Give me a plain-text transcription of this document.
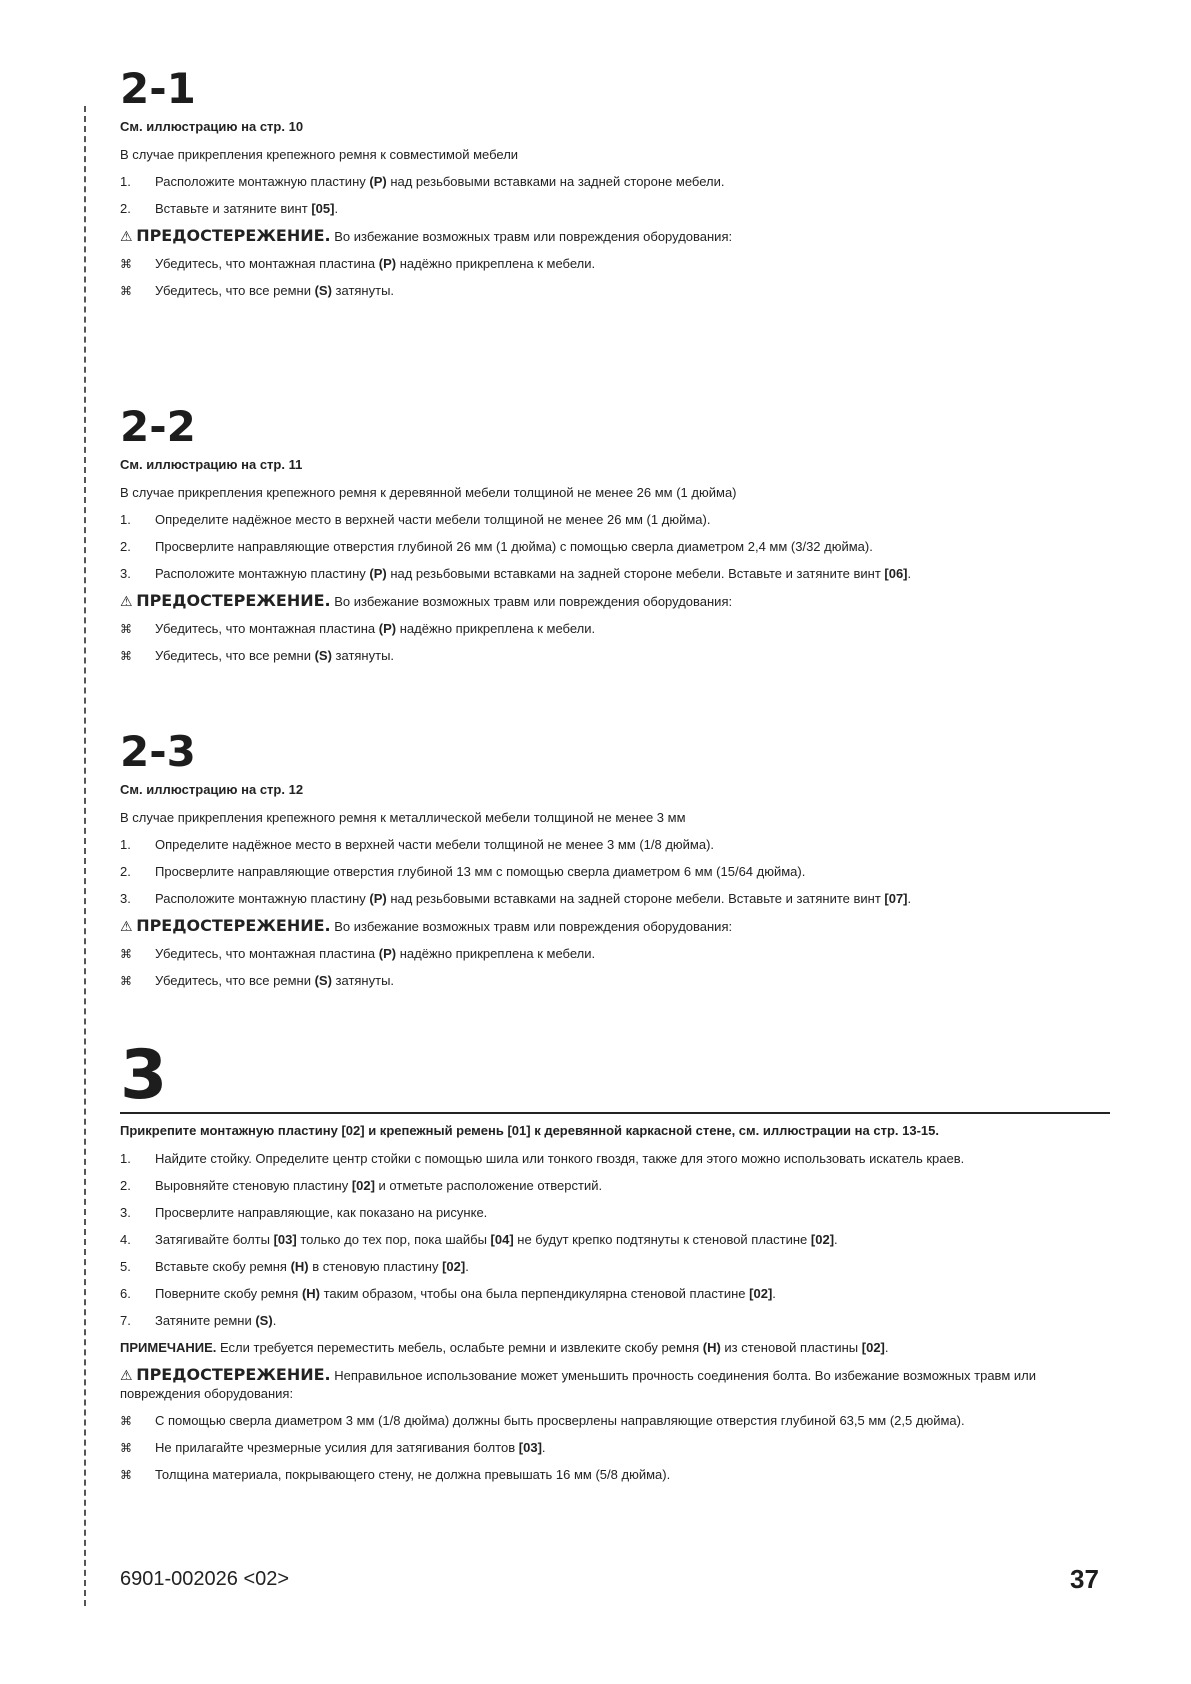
2-1

См. иллюстрацию на стр. 10

В случае прикрепления крепежного ремня к совместимой мебели

1.	Расположите монтажную пластину (P) над резьбовыми вставками на задней стороне мебели.
2.	Вставьте и затяните винт [05].

⚠ ПРЕДОСТЕРЕЖЕНИЕ. Во избежание возможных травм или повреждения оборудования:

⌘	Убедитесь, что монтажная пластина (P) надёжно прикреплена к мебели.
⌘	Убедитесь, что все ремни (S) затянуты.
2-2

См. иллюстрацию на стр. 11

В случае прикрепления крепежного ремня к деревянной мебели толщиной не менее 26 мм (1 дюйма)

1.	Определите надёжное место в верхней части мебели толщиной не менее 26 мм (1 дюйма).
2.	Просверлите направляющие отверстия глубиной 26 мм (1 дюйма) с помощью сверла диаметром 2,4 мм (3/32 дюйма).
3.	Расположите монтажную пластину (P) над резьбовыми вставками на задней стороне мебели. Вставьте и затяните винт [06].

⚠ ПРЕДОСТЕРЕЖЕНИЕ. Во избежание возможных травм или повреждения оборудования:

⌘	Убедитесь, что монтажная пластина (P) надёжно прикреплена к мебели.
⌘	Убедитесь, что все ремни (S) затянуты.
2-3

См. иллюстрацию на стр. 12

В случае прикрепления крепежного ремня к металлической мебели толщиной не менее 3 мм

1.	Определите надёжное место в верхней части мебели толщиной не менее 3 мм (1/8 дюйма).
2.	Просверлите направляющие отверстия глубиной 13 мм с помощью сверла диаметром 6 мм (15/64 дюйма).
3.	Расположите монтажную пластину (P) над резьбовыми вставками на задней стороне мебели. Вставьте и затяните винт [07].

⚠ ПРЕДОСТЕРЕЖЕНИЕ. Во избежание возможных травм или повреждения оборудования:

⌘	Убедитесь, что монтажная пластина (P) надёжно прикреплена к мебели.
⌘	Убедитесь, что все ремни (S) затянуты.
3

Прикрепите монтажную пластину [02] и крепежный ремень [01] к деревянной каркасной стене, см. иллюстрации на стр. 13-15.

1.	Найдите стойку. Определите центр стойки с помощью шила или тонкого гвоздя, также для этого можно использовать искатель краев.
2.	Выровняйте стеновую пластину [02] и отметьте расположение отверстий.
3.	Просверлите направляющие, как показано на рисунке.
4.	Затягивайте болты [03] только до тех пор, пока шайбы [04] не будут крепко подтянуты к стеновой пластине [02].
5.	Вставьте скобу ремня (H) в стеновую пластину [02].
6.	Поверните скобу ремня (H) таким образом, чтобы она была перпендикулярна стеновой пластине [02].
7.	Затяните ремни (S).

ПРИМЕЧАНИЕ. Если требуется переместить мебель, ослабьте ремни и извлеките скобу ремня (H) из стеновой пластины [02].

⚠ ПРЕДОСТЕРЕЖЕНИЕ. Неправильное использование может уменьшить прочность соединения болта. Во избежание возможных травм или повреждения оборудования:

⌘	С помощью сверла диаметром 3 мм (1/8 дюйма) должны быть просверлены направляющие отверстия глубиной 63,5 мм (2,5 дюйма).
⌘	Не прилагайте чрезмерные усилия для затягивания болтов [03].
⌘	Толщина материала, покрывающего стену, не должна превышать 16 мм (5/8 дюйма).
6901-002026 <02>	37
